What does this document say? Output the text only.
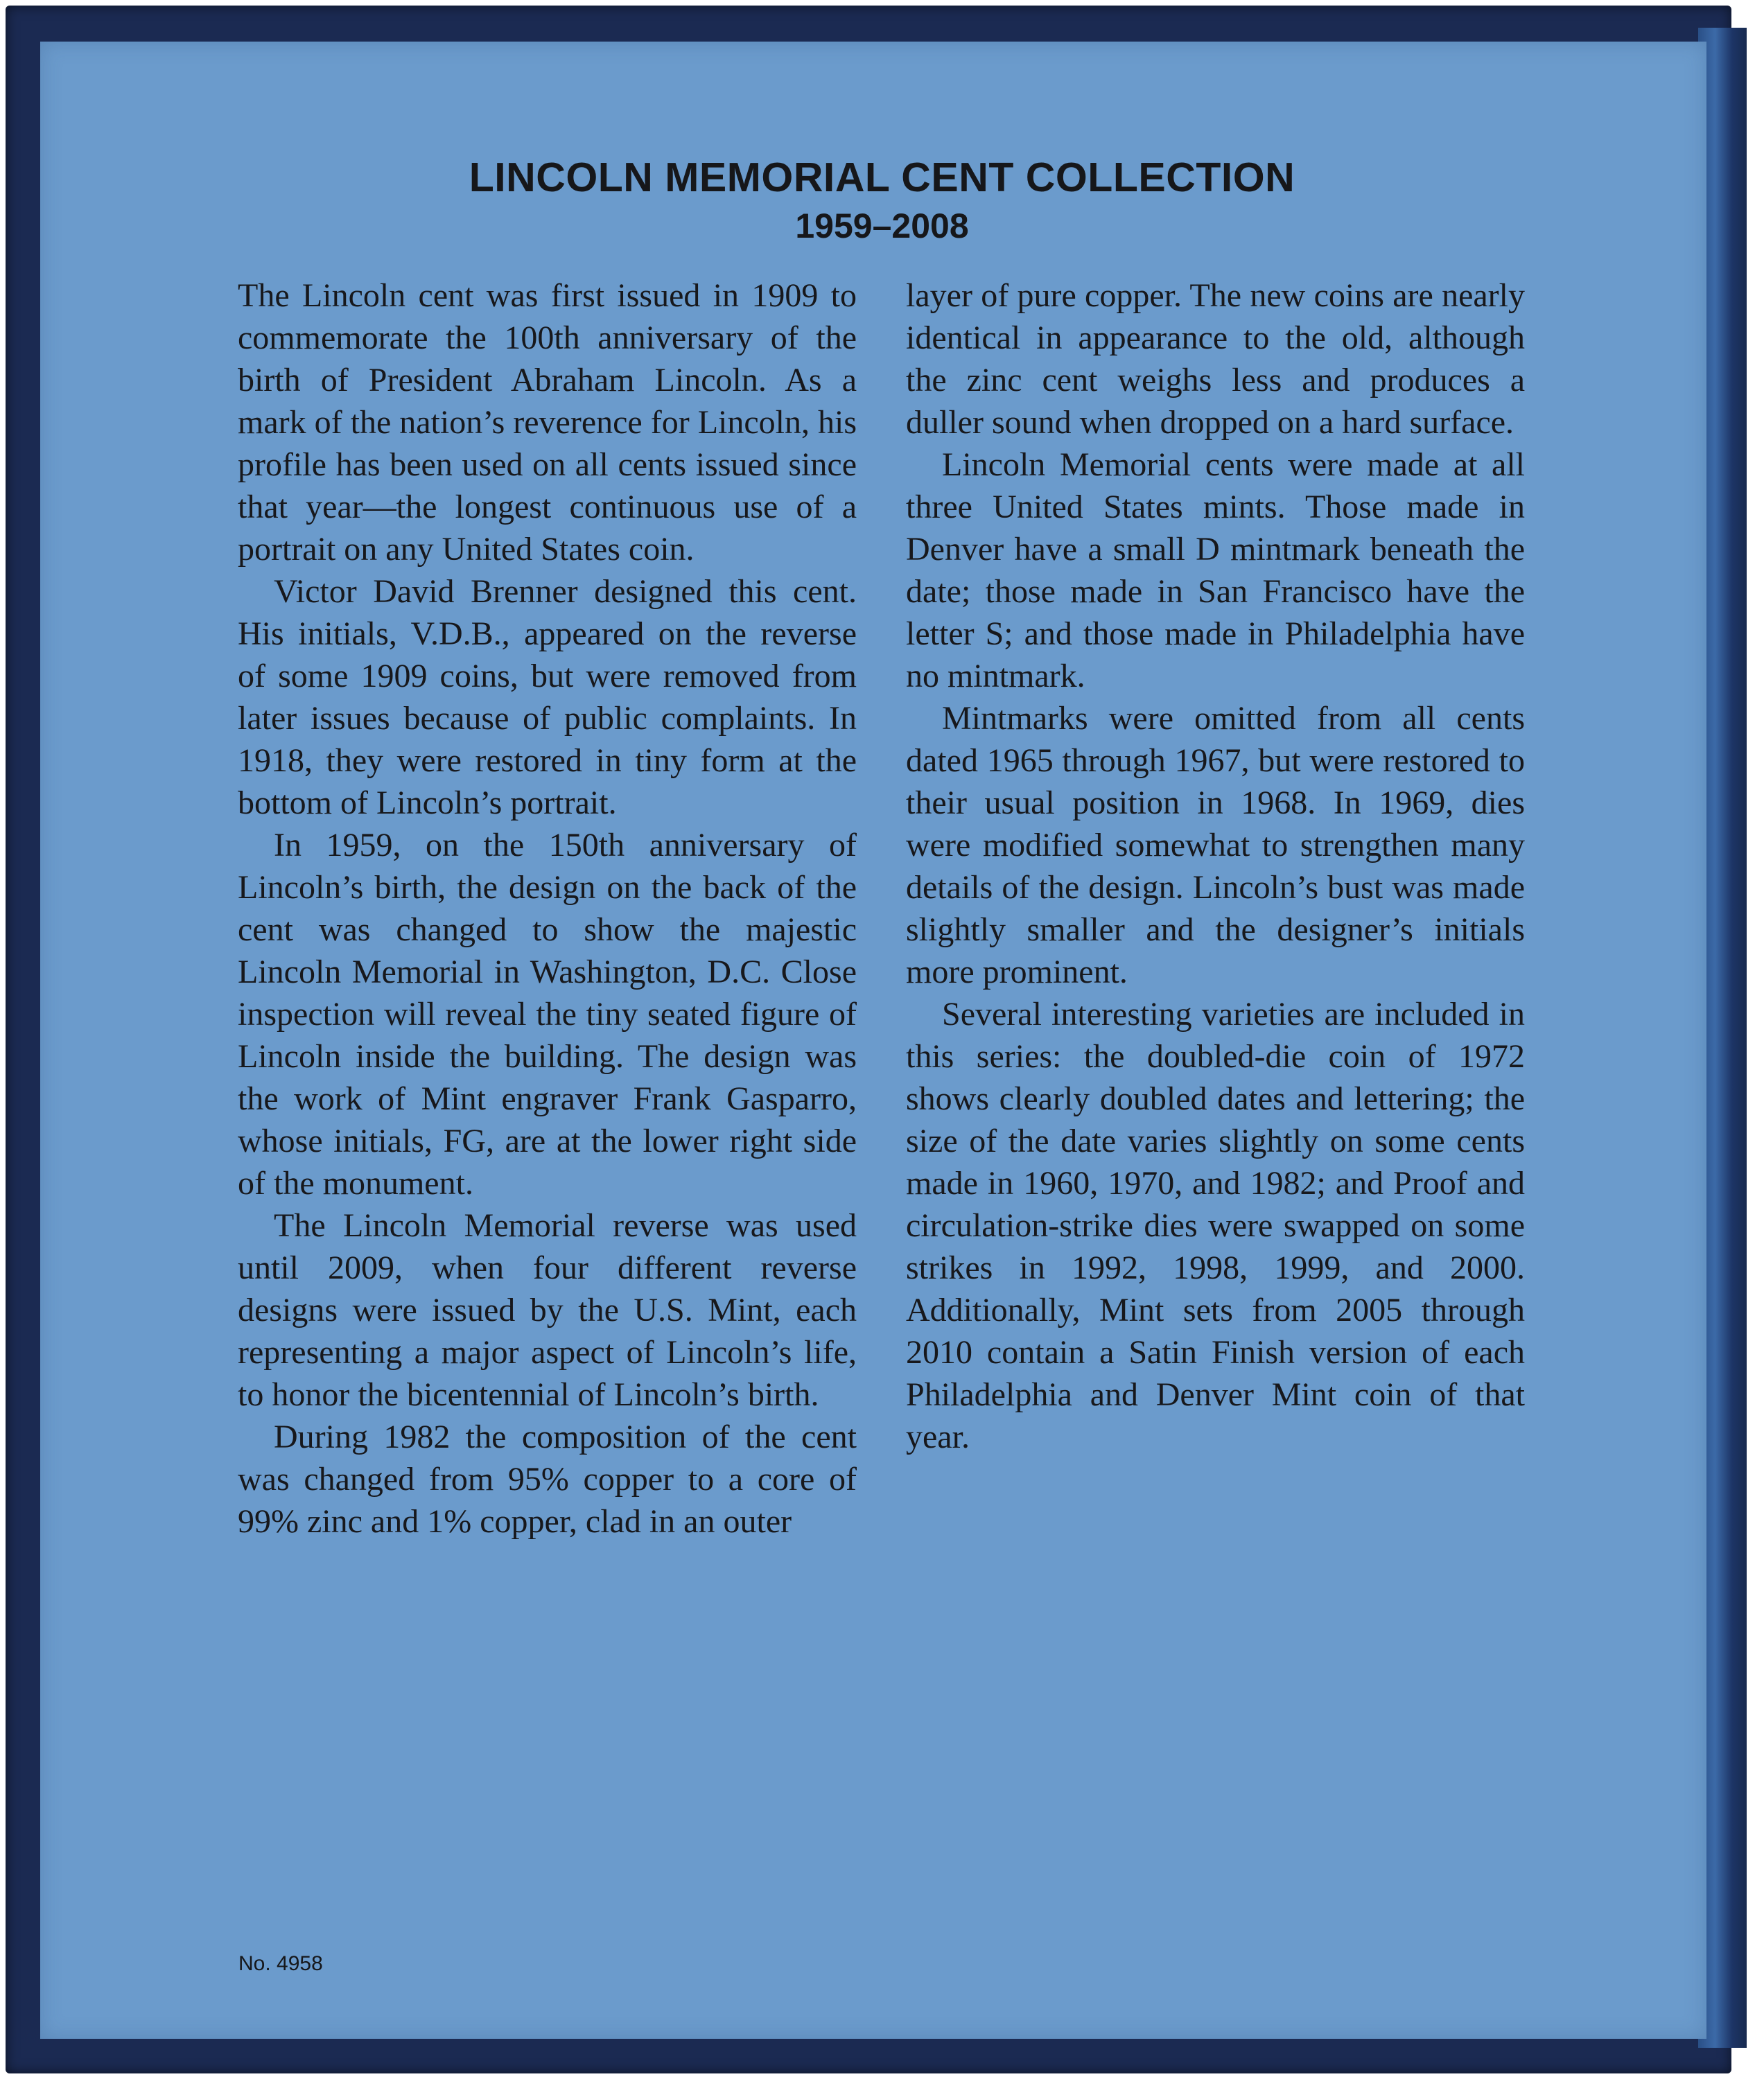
LINCOLN MEMORIAL CENT COLLECTION
1959–2008

The Lincoln cent was first issued in 1909 to commemorate the 100th anniversary of the birth of President Abraham Lincoln. As a mark of the nation’s reverence for Lincoln, his profile has been used on all cents issued since that year—the longest continuous use of a portrait on any United States coin.

Victor David Brenner designed this cent. His initials, V.D.B., appeared on the reverse of some 1909 coins, but were removed from later issues because of public complaints. In 1918, they were restored in tiny form at the bottom of Lincoln’s portrait.

In 1959, on the 150th anniversary of Lincoln’s birth, the design on the back of the cent was changed to show the majestic Lincoln Memorial in Washington, D.C. Close inspection will reveal the tiny seated figure of Lincoln inside the building. The design was the work of Mint engraver Frank Gasparro, whose initials, FG, are at the lower right side of the monument.

The Lincoln Memorial reverse was used until 2009, when four different reverse designs were issued by the U.S. Mint, each representing a major aspect of Lincoln’s life, to honor the bicentennial of Lincoln’s birth.

During 1982 the composition of the cent was changed from 95% copper to a core of 99% zinc and 1% copper, clad in an outer

layer of pure copper. The new coins are nearly identical in appearance to the old, although the zinc cent weighs less and produces a duller sound when dropped on a hard surface.

Lincoln Memorial cents were made at all three United States mints. Those made in Denver have a small D mintmark beneath the date; those made in San Francisco have the letter S; and those made in Philadelphia have no mintmark.

Mintmarks were omitted from all cents dated 1965 through 1967, but were restored to their usual position in 1968. In 1969, dies were modified somewhat to strengthen many details of the design. Lincoln’s bust was made slightly smaller and the designer’s initials more prominent.

Several interesting varieties are included in this series: the doubled-die coin of 1972 shows clearly doubled dates and lettering; the size of the date varies slightly on some cents made in 1960, 1970, and 1982; and Proof and circulation-strike dies were swapped on some strikes in 1992, 1998, 1999, and 2000. Additionally, Mint sets from 2005 through 2010 contain a Satin Finish version of each Philadelphia and Denver Mint coin of that year.

No. 4958
